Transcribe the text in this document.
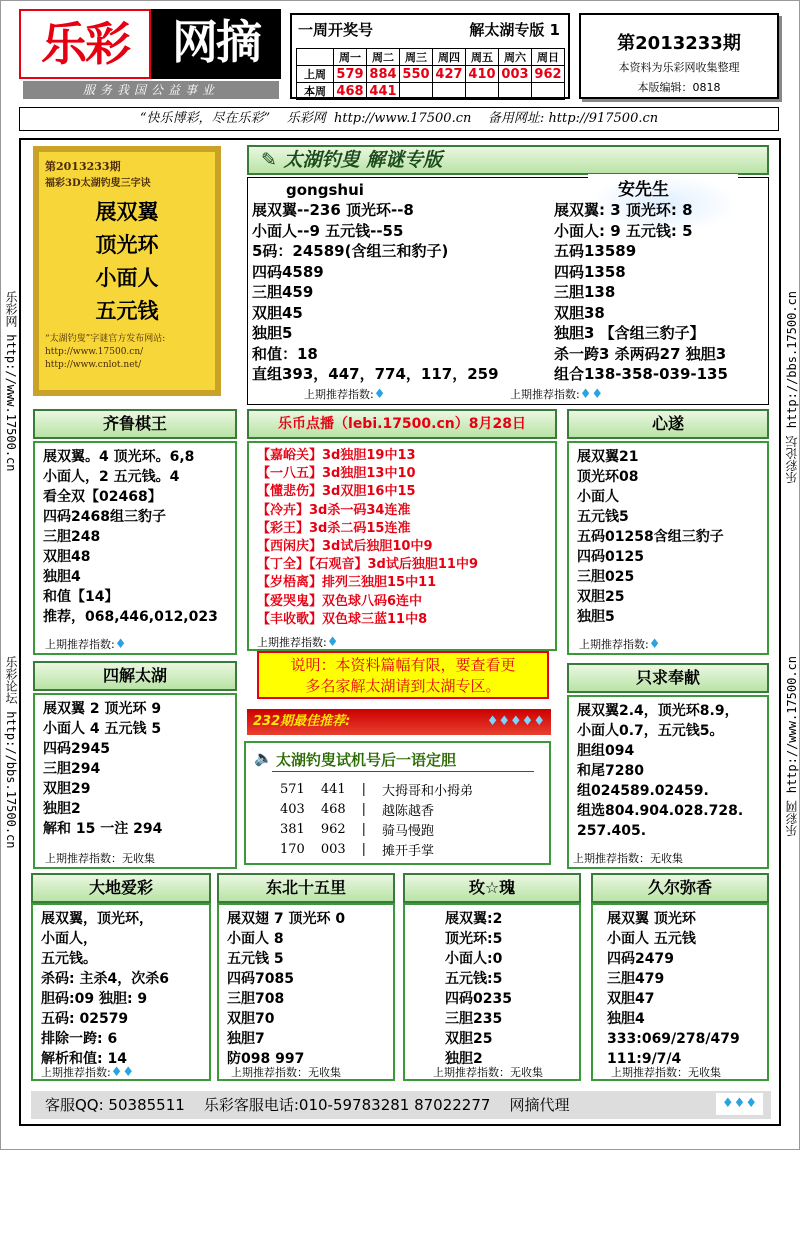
乐彩 网摘
服务我国公益事业
一周开奖号	解太湖专版 1
	周一	周二	周三	周四	周五	周六	周日
上周	579	884	550	427	410	003	962
本周	468	441					
第2013233期
本资料为乐彩网收集整理
本版编辑：0818
“快乐博彩，尽在乐彩” 乐彩网 http://www.17500.cn 备用网址: http://917500.cn
乐彩网 http://www.17500.cn
乐彩论坛 http://bbs.17500.cn
乐彩论坛 http://bbs.17500.cn
乐彩网 http://www.17500.cn
第2013233期
福彩3D太湖钓叟三字诀
展双翼
顶光环
小面人
五元钱
“太湖钓叟”字谜官方发布网站:
http://www.17500.cn/
http://www.cnlot.net/
✎ 太湖钓叟 解谜专版
gongshui
展双翼--236 顶光环--8
小面人--9 五元钱--55
5码：24589(含组三和豹子)
四码4589
三胆459
双胆45
独胆5
和值：18
直组393，447，774，117，259
上期推荐指数:♦
安先生
展双翼: 3 顶光环: 8
小面人: 9 五元钱: 5
五码13589
四码1358
三胆138
双胆38
独胆3 【含组三豹子】
杀一跨3 杀两码27 独胆3
组合138-358-039-135
上期推荐指数:♦♦
齐鲁棋王
展双翼。4 顶光环。6,8
小面人，2 五元钱。4
看全双【02468】
四码2468组三豹子
三胆248
双胆48
独胆4
和值【14】
推荐，068,446,012,023
上期推荐指数:♦
乐币点播（lebi.17500.cn）8月28日
【嘉峪关】3d独胆19中13
【一八五】3d独胆13中10
【懂悲伤】3d双胆16中15
【冷卉】3d杀一码34连准
【彩王】3d杀二码15连准
【西闲庆】3d试后独胆10中9
【丁全】【石观音】3d试后独胆11中9
【岁梧离】排列三独胆15中11
【爱哭鬼】双色球八码6连中
【丰收歌】双色球三蓝11中8
上期推荐指数:♦
心遂
展双翼21
顶光环08
小面人
五元钱5
五码01258含组三豹子
四码0125
三胆025
双胆25
独胆5
上期推荐指数:♦
四解太湖
展双翼 2 顶光环 9
小面人 4 五元钱 5
四码2945
三胆294
双胆29
独胆2
解和 15 一注 294
上期推荐指数：无收集
说明：本资料篇幅有限，要查看更
多名家解太湖请到太湖专区。
232期最佳推荐:	♦♦♦♦♦
🔈 太湖钓叟试机号后一语定胆
571	441	|	大拇哥和小拇弟
403	468	|	越陈越香
381	962	|	骑马慢跑
170	003	|	摊开手掌
只求奉献
展双翼2.4，顶光环8.9，
小面人0.7，五元钱5。
胆组094
和尾7280
组024589.02459.
组选804.904.028.728.
257.405.
上期推荐指数：无收集
大地爱彩
展双翼，顶光环，
小面人，
五元钱。
杀码: 主杀4，次杀6
胆码:09 独胆: 9
五码: 02579
排除一跨: 6
解析和值: 14
上期推荐指数:♦♦
东北十五里
展双翅 7 顶光环 0
小面人 8
五元钱 5
四码7085
三胆708
双胆70
独胆7
防098 997
上期推荐指数：无收集
玫☆瑰
展双翼:2
顶光环:5
小面人:0
五元钱:5
四码0235
三胆235
双胆25
独胆2
上期推荐指数：无收集
久尔弥香
展双翼 顶光环
小面人 五元钱
四码2479
三胆479
双胆47
独胆4
333:069/278/479
111:9/7/4
上期推荐指数：无收集
客服QQ: 50385511 乐彩客服电话:010-59783281 87022277 网摘代理	♦♦♦
